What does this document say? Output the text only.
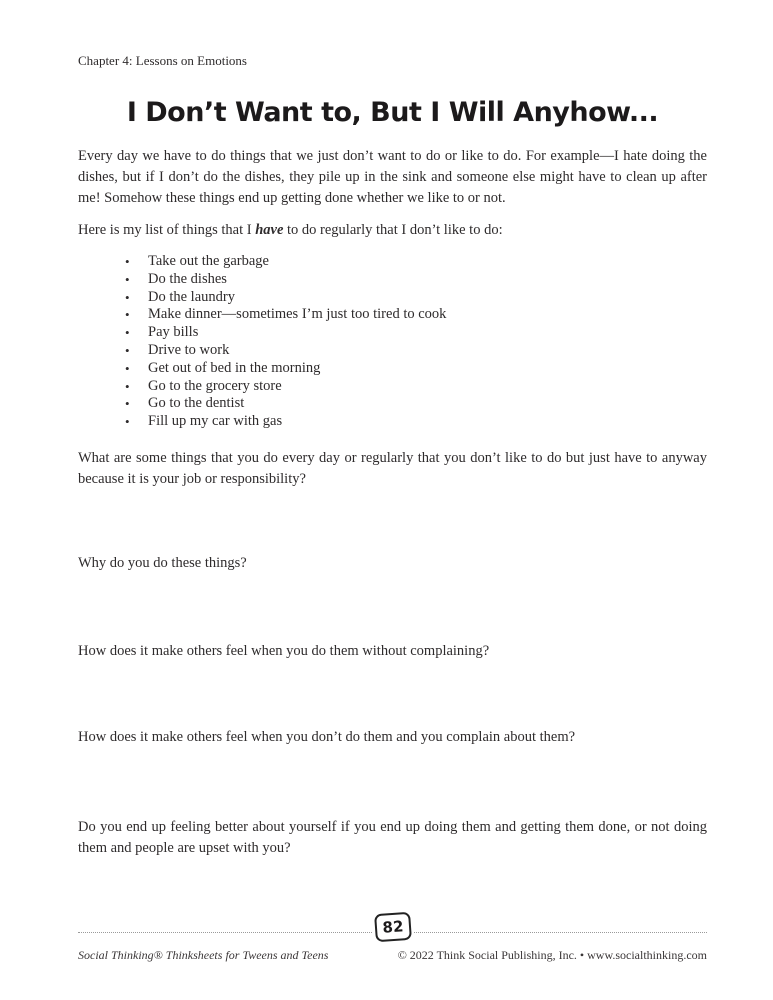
Chapter 4: Lessons on Emotions
I Don’t Want to, But I Will Anyhow...

Every day we have to do things that we just don’t want to do or like to do. For example—I hate doing the dishes, but if I don’t do the dishes, they pile up in the sink and someone else might have to clean up after me! Somehow these things end up getting done whether we like to or not.

Here is my list of things that I have to do regularly that I don’t like to do:

•	Take out the garbage
•	Do the dishes
•	Do the laundry
•	Make dinner—sometimes I’m just too tired to cook
•	Pay bills
•	Drive to work
•	Get out of bed in the morning
•	Go to the grocery store
•	Go to the dentist
•	Fill up my car with gas
What are some things that you do every day or regularly that you don’t like to do but just have to anyway because it is your job or responsibility?
Why do you do these things?
How does it make others feel when you do them without complaining?
How does it make others feel when you don’t do them and you complain about them?
Do you end up feeling better about yourself if you end up doing them and getting them done, or not doing them and people are upset with you?
82
Social Thinking® Thinksheets for Tweens and Teens	© 2022 Think Social Publishing, Inc. • www.socialthinking.com
